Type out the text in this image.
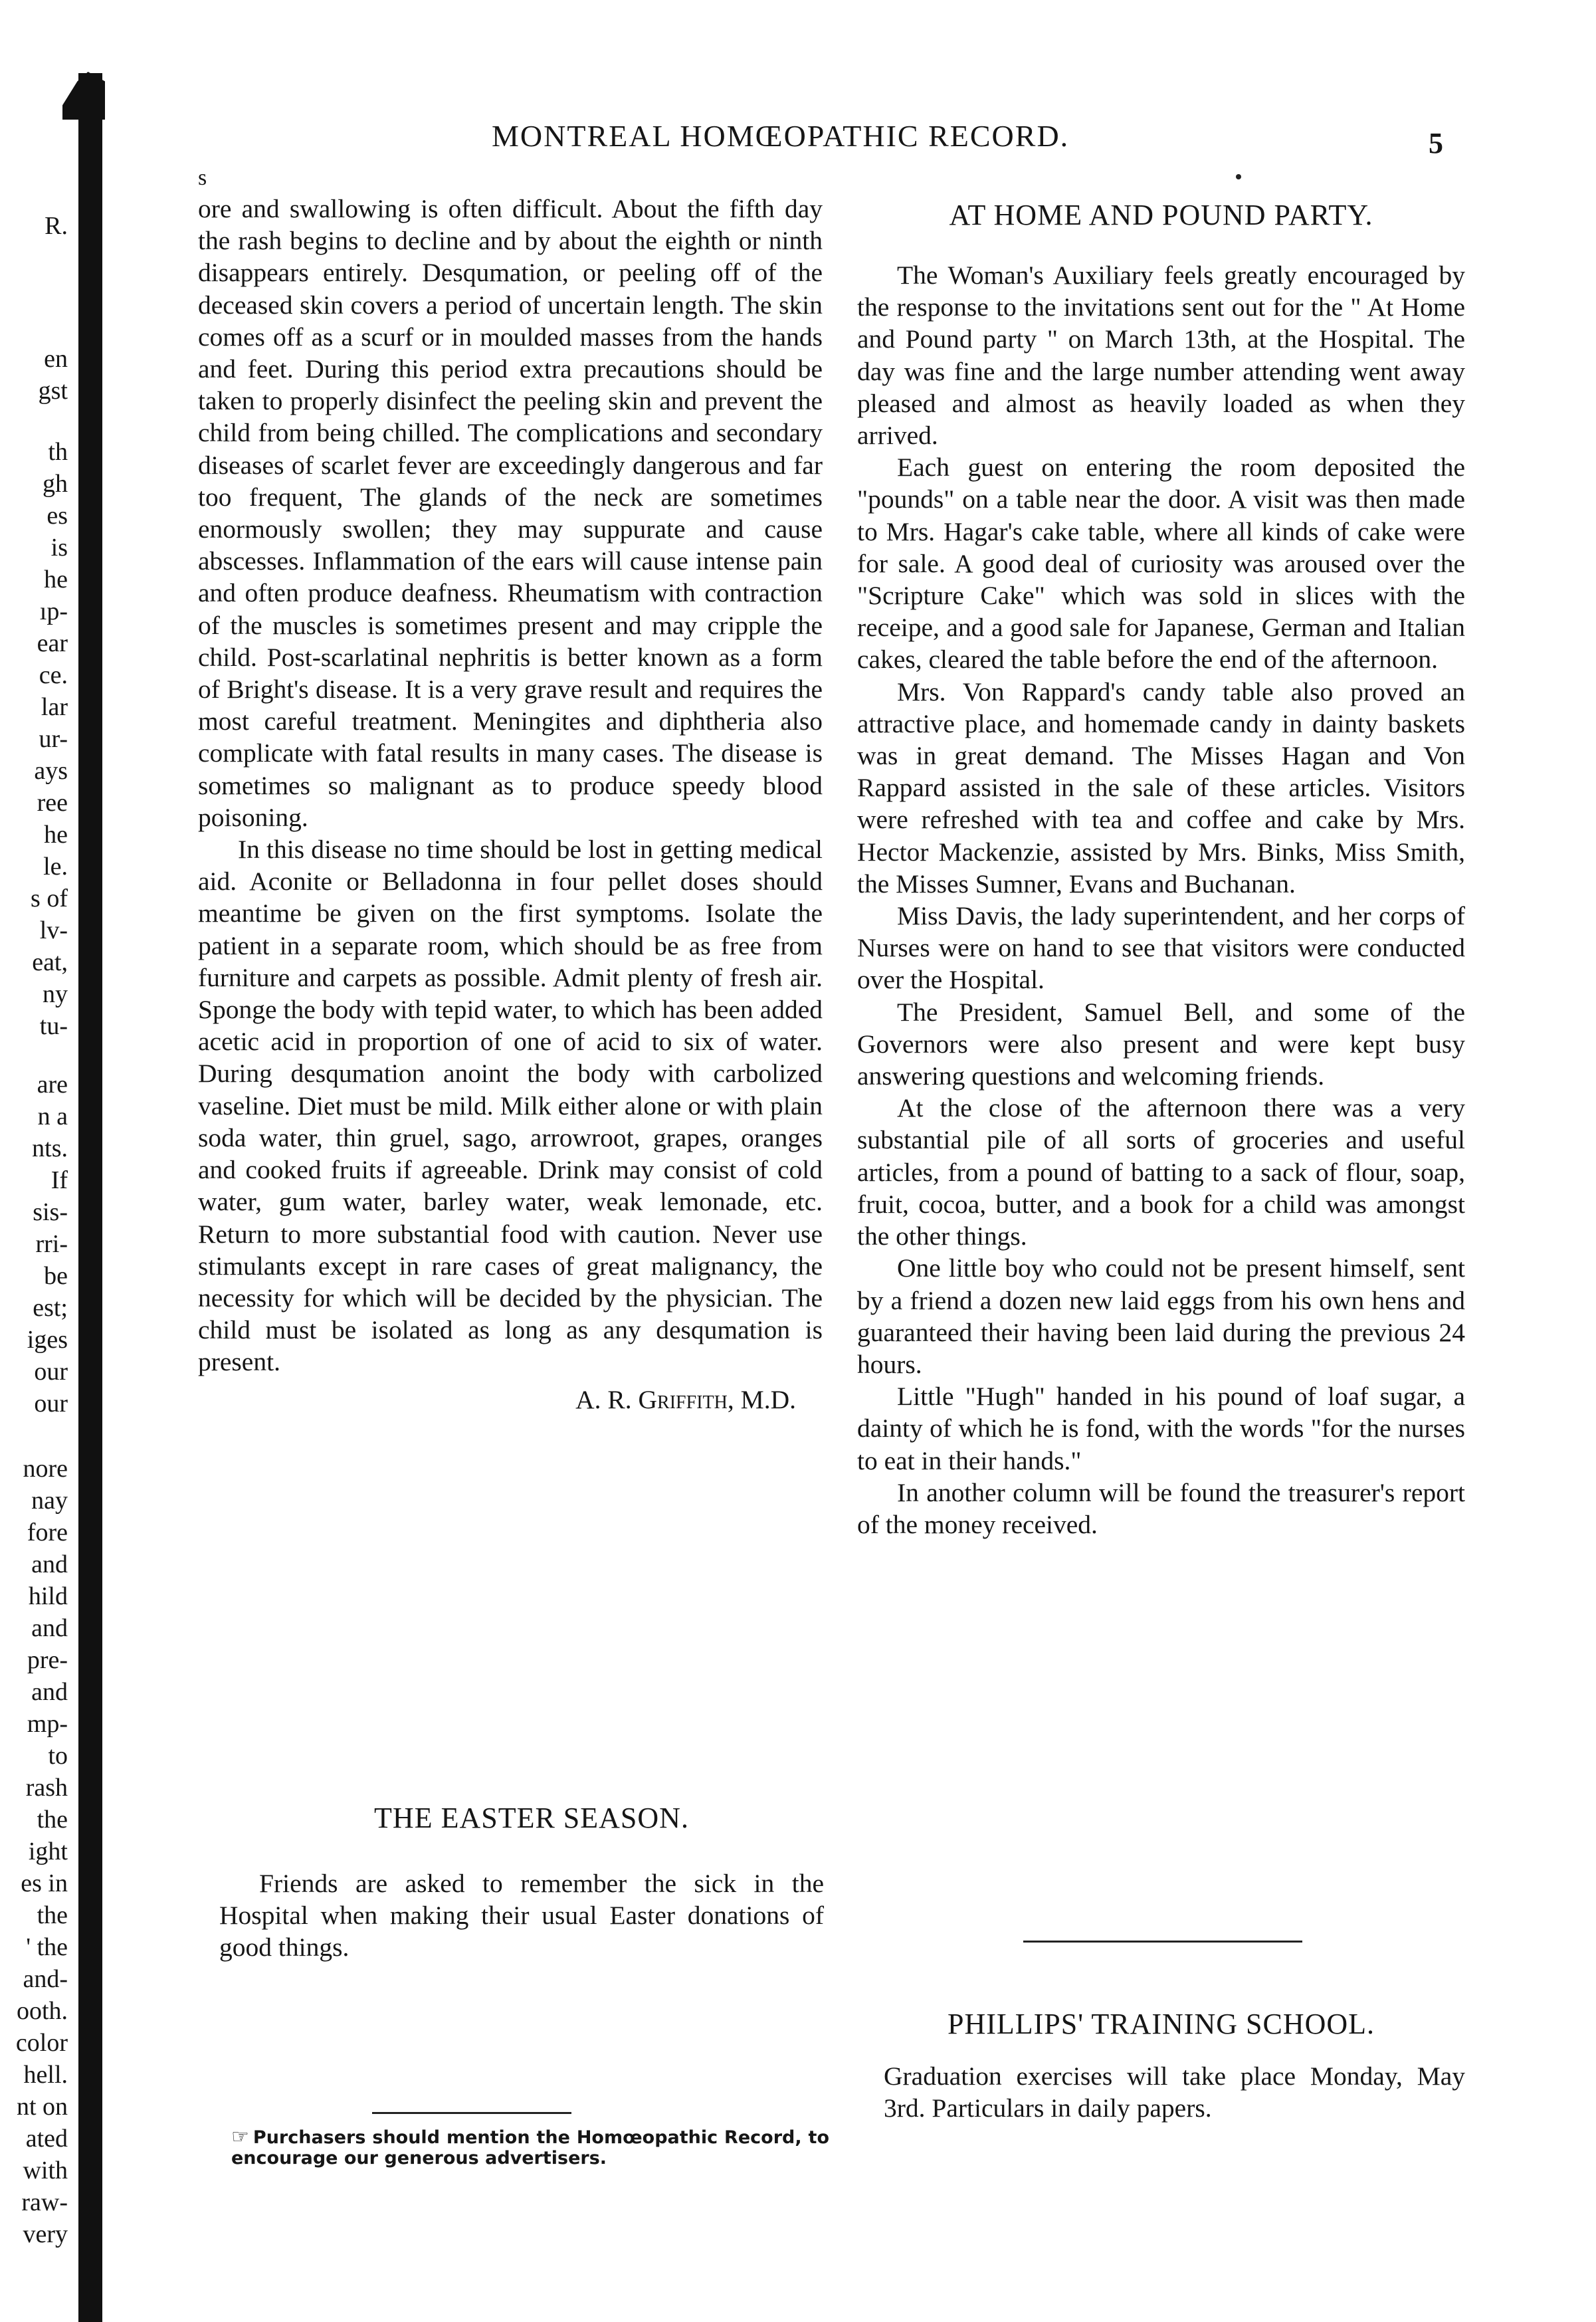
R.
en
gst
th
gh
es
is
he
ıp-
ear
ce.
lar
ur-
ays
ree
he
le.
s of
lv-
eat,
ny
tu-
are
n a
nts.
If
sis-
rri-
be
est;
iges
our
our
nore
nay
fore
and
hild
and
pre-
and
mp-
to
rash
the
ight
es in
the
' the
and-
ooth.
color
hell.
nt on
ated
with
raw-
very
MONTREAL HOMŒOPATHIC RECORD.	5

s

ore and swallowing is often difficult. About the fifth day the rash begins to decline and by about the eighth or ninth disappears entirely. Desqumation, or peeling off of the deceased skin covers a period of uncertain length. The skin comes off as a scurf or in moulded masses from the hands and feet. During this period extra precautions should be taken to properly disinfect the peeling skin and prevent the child from being chilled. The complications and secondary diseases of scarlet fever are exceedingly dangerous and far too frequent, The glands of the neck are sometimes enormously swollen; they may suppurate and cause abscesses. Inflammation of the ears will cause intense pain and often produce deafness. Rheumatism with contraction of the muscles is sometimes present and may cripple the child. Post-scarlatinal nephritis is better known as a form of Bright's disease. It is a very grave result and requires the most careful treatment. Meningites and diphtheria also complicate with fatal results in many cases. The disease is sometimes so malignant as to produce speedy blood poisoning.

In this disease no time should be lost in getting medical aid. Aconite or Belladonna in four pellet doses should meantime be given on the first symptoms. Isolate the patient in a separate room, which should be as free from furniture and carpets as possible. Admit plenty of fresh air. Sponge the body with tepid water, to which has been added acetic acid in proportion of one of acid to six of water. During desqumation anoint the body with carbolized vaseline. Diet must be mild. Milk either alone or with plain soda water, thin gruel, sago, arrowroot, grapes, oranges and cooked fruits if agreeable. Drink may consist of cold water, gum water, barley water, weak lemonade, etc. Return to more substantial food with caution. Never use stimulants except in rare cases of great malignancy, the necessity for which will be decided by the physician. The child must be isolated as long as any desqumation is present.

A. R. Griffith, M.D.

THE EASTER SEASON.

Friends are asked to remember the sick in the Hospital when making their usual Easter donations of good things.

☞ Purchasers should mention the Homœopathic Record, to encourage our generous advertisers.
AT HOME AND POUND PARTY.

The Woman's Auxiliary feels greatly encouraged by the response to the invitations sent out for the " At Home and Pound party " on March 13th, at the Hospital. The day was fine and the large number attending went away pleased and almost as heavily loaded as when they arrived.

Each guest on entering the room deposited the "pounds" on a table near the door. A visit was then made to Mrs. Hagar's cake table, where all kinds of cake were for sale. A good deal of curiosity was aroused over the "Scripture Cake" which was sold in slices with the receipe, and a good sale for Japanese, German and Italian cakes, cleared the table before the end of the afternoon.

Mrs. Von Rappard's candy table also proved an attractive place, and homemade candy in dainty baskets was in great demand. The Misses Hagan and Von Rappard assisted in the sale of these articles. Visitors were refreshed with tea and coffee and cake by Mrs. Hector Mackenzie, assisted by Mrs. Binks, Miss Smith, the Misses Sumner, Evans and Buchanan.

Miss Davis, the lady superintendent, and her corps of Nurses were on hand to see that visitors were conducted over the Hospital.

The President, Samuel Bell, and some of the Governors were also present and were kept busy answering questions and welcoming friends.

At the close of the afternoon there was a very substantial pile of all sorts of groceries and useful articles, from a pound of batting to a sack of flour, soap, fruit, cocoa, butter, and a book for a child was amongst the other things.

One little boy who could not be present himself, sent by a friend a dozen new laid eggs from his own hens and guaranteed their having been laid during the previous 24 hours.

Little "Hugh" handed in his pound of loaf sugar, a dainty of which he is fond, with the words "for the nurses to eat in their hands."

In another column will be found the treasurer's report of the money received.

PHILLIPS' TRAINING SCHOOL.

Graduation exercises will take place Monday, May 3rd. Particulars in daily papers.
